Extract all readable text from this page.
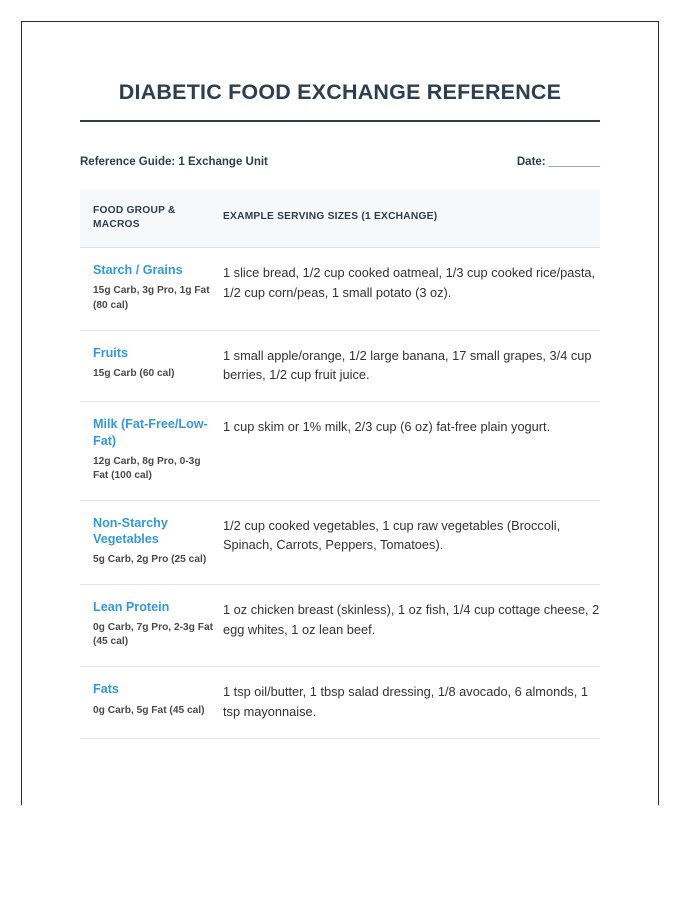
DIABETIC FOOD EXCHANGE REFERENCE
Reference Guide: 1 Exchange Unit	Date: ________
FOOD GROUP & MACROS	EXAMPLE SERVING SIZES (1 EXCHANGE)

Starch / Grains
15g Carb, 3g Pro, 1g Fat (80 cal)	1 slice bread, 1/2 cup cooked oatmeal, 1/3 cup cooked rice/pasta, 1/2 cup corn/peas, 1 small potato (3 oz).

Fruits
15g Carb (60 cal)	1 small apple/orange, 1/2 large banana, 17 small grapes, 3/4 cup berries, 1/2 cup fruit juice.

Milk (Fat-Free/Low-Fat)
12g Carb, 8g Pro, 0-3g Fat (100 cal)	1 cup skim or 1% milk, 2/3 cup (6 oz) fat-free plain yogurt.

Non-Starchy Vegetables
5g Carb, 2g Pro (25 cal)	1/2 cup cooked vegetables, 1 cup raw vegetables (Broccoli, Spinach, Carrots, Peppers, Tomatoes).

Lean Protein
0g Carb, 7g Pro, 2-3g Fat (45 cal)	1 oz chicken breast (skinless), 1 oz fish, 1/4 cup cottage cheese, 2 egg whites, 1 oz lean beef.

Fats
0g Carb, 5g Fat (45 cal)	1 tsp oil/butter, 1 tbsp salad dressing, 1/8 avocado, 6 almonds, 1 tsp mayonnaise.
